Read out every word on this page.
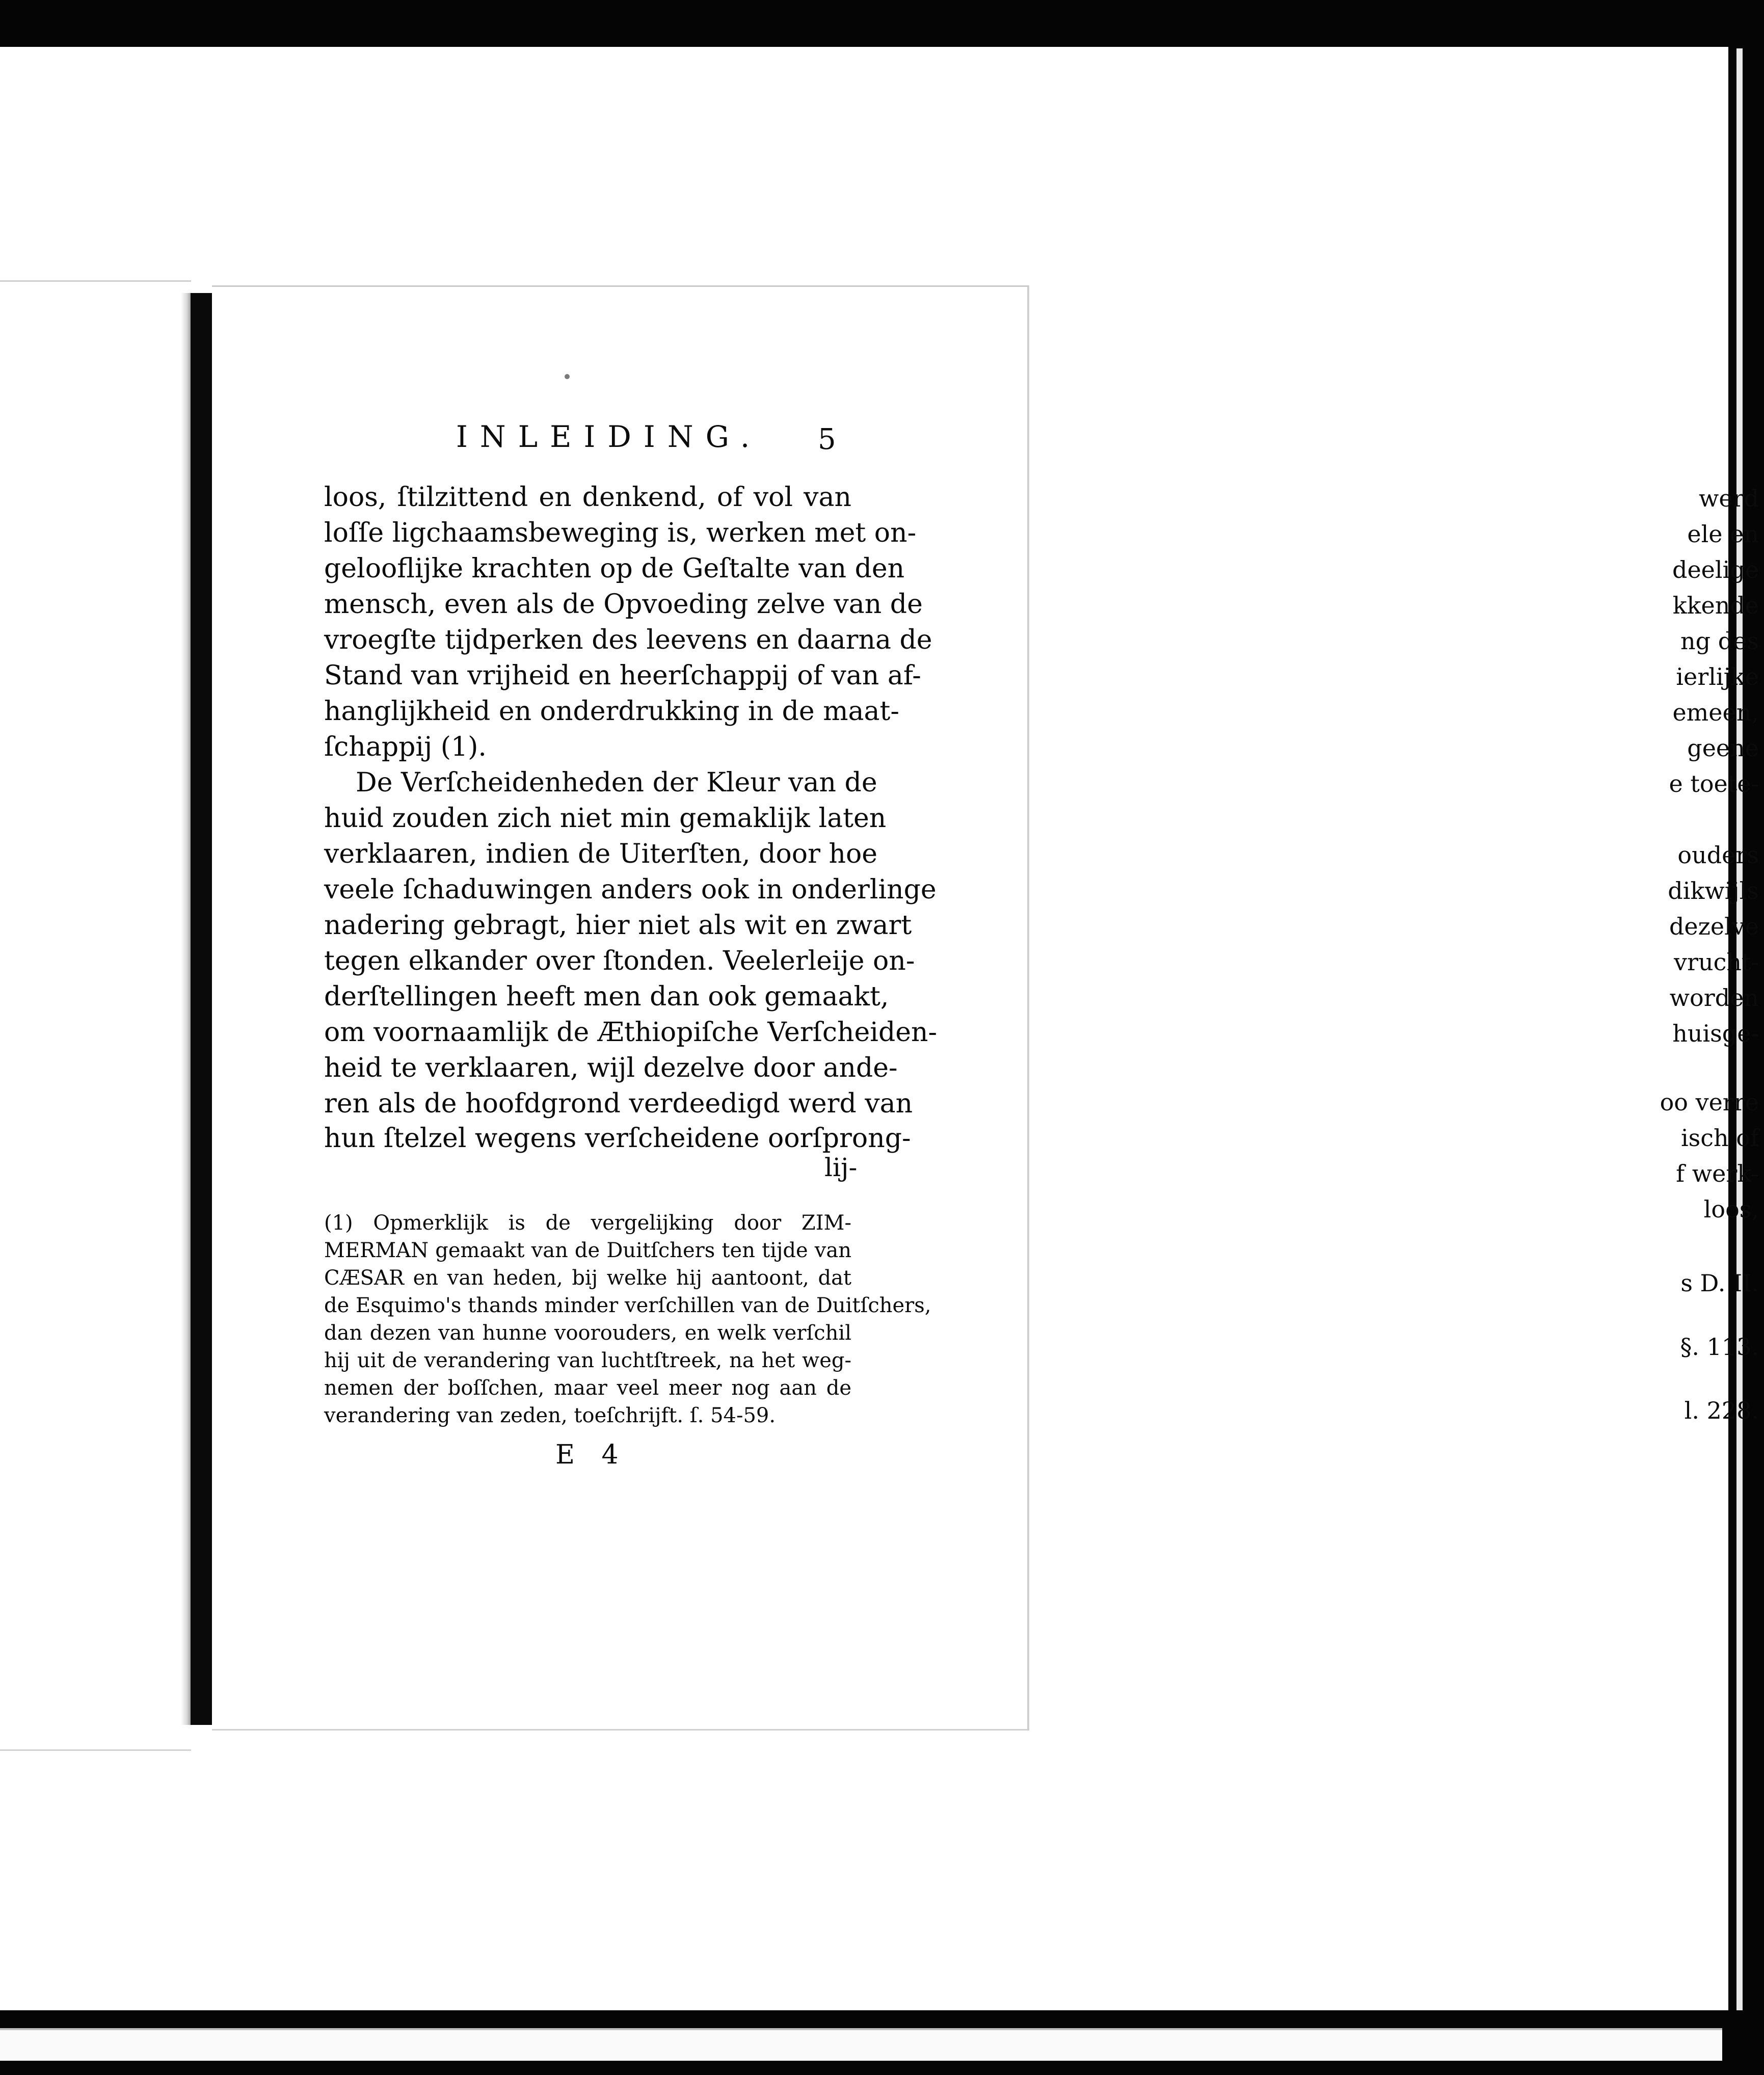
werd
ele en
deelige
kkende
ng des
ierlijke
emeen,
geene
e toete-
ouders
dikwijls
dezelve
vrucht-
worden
huisge-
oo verre
isch of
f werk-
loos,
s D. II.
§. 113.
l. 228.
INLEIDING. 5
loos, ſtilzittend en denkend, of vol van
loſſe ligchaamsbeweging is, werken met on-
gelooflijke krachten op de Geſtalte van den
mensch, even als de Opvoeding zelve van de
vroegſte tijdperken des leevens en daarna de
Stand van vrijheid en heerſchappij of van af-
hanglijkheid en onderdrukking in de maat-
ſchappij (1).
De Verſcheidenheden der Kleur van de
huid zouden zich niet min gemaklijk laten
verklaaren, indien de Uiterſten, door hoe
veele ſchaduwingen anders ook in onderlinge
nadering gebragt, hier niet als wit en zwart
tegen elkander over ſtonden. Veelerleije on-
derſtellingen heeft men dan ook gemaakt,
om voornaamlijk de Æthiopiſche Verſcheiden-
heid te verklaaren, wijl dezelve door ande-
ren als de hoofdgrond verdeedigd werd van
hun ſtelzel wegens verſcheidene oorſprong-
lij-
(1) Opmerklijk is de vergelijking door ZIM-
MERMAN gemaakt van de Duitſchers ten tijde van
CÆSAR en van heden, bij welke hij aantoont, dat
de Esquimo's thands minder verſchillen van de Duitſchers,
dan dezen van hunne voorouders, en welk verſchil
hij uit de verandering van luchtſtreek, na het weg-
nemen der boſſchen, maar veel meer nog aan de
verandering van zeden, toeſchrijft. ſ. 54-59.
E 4
